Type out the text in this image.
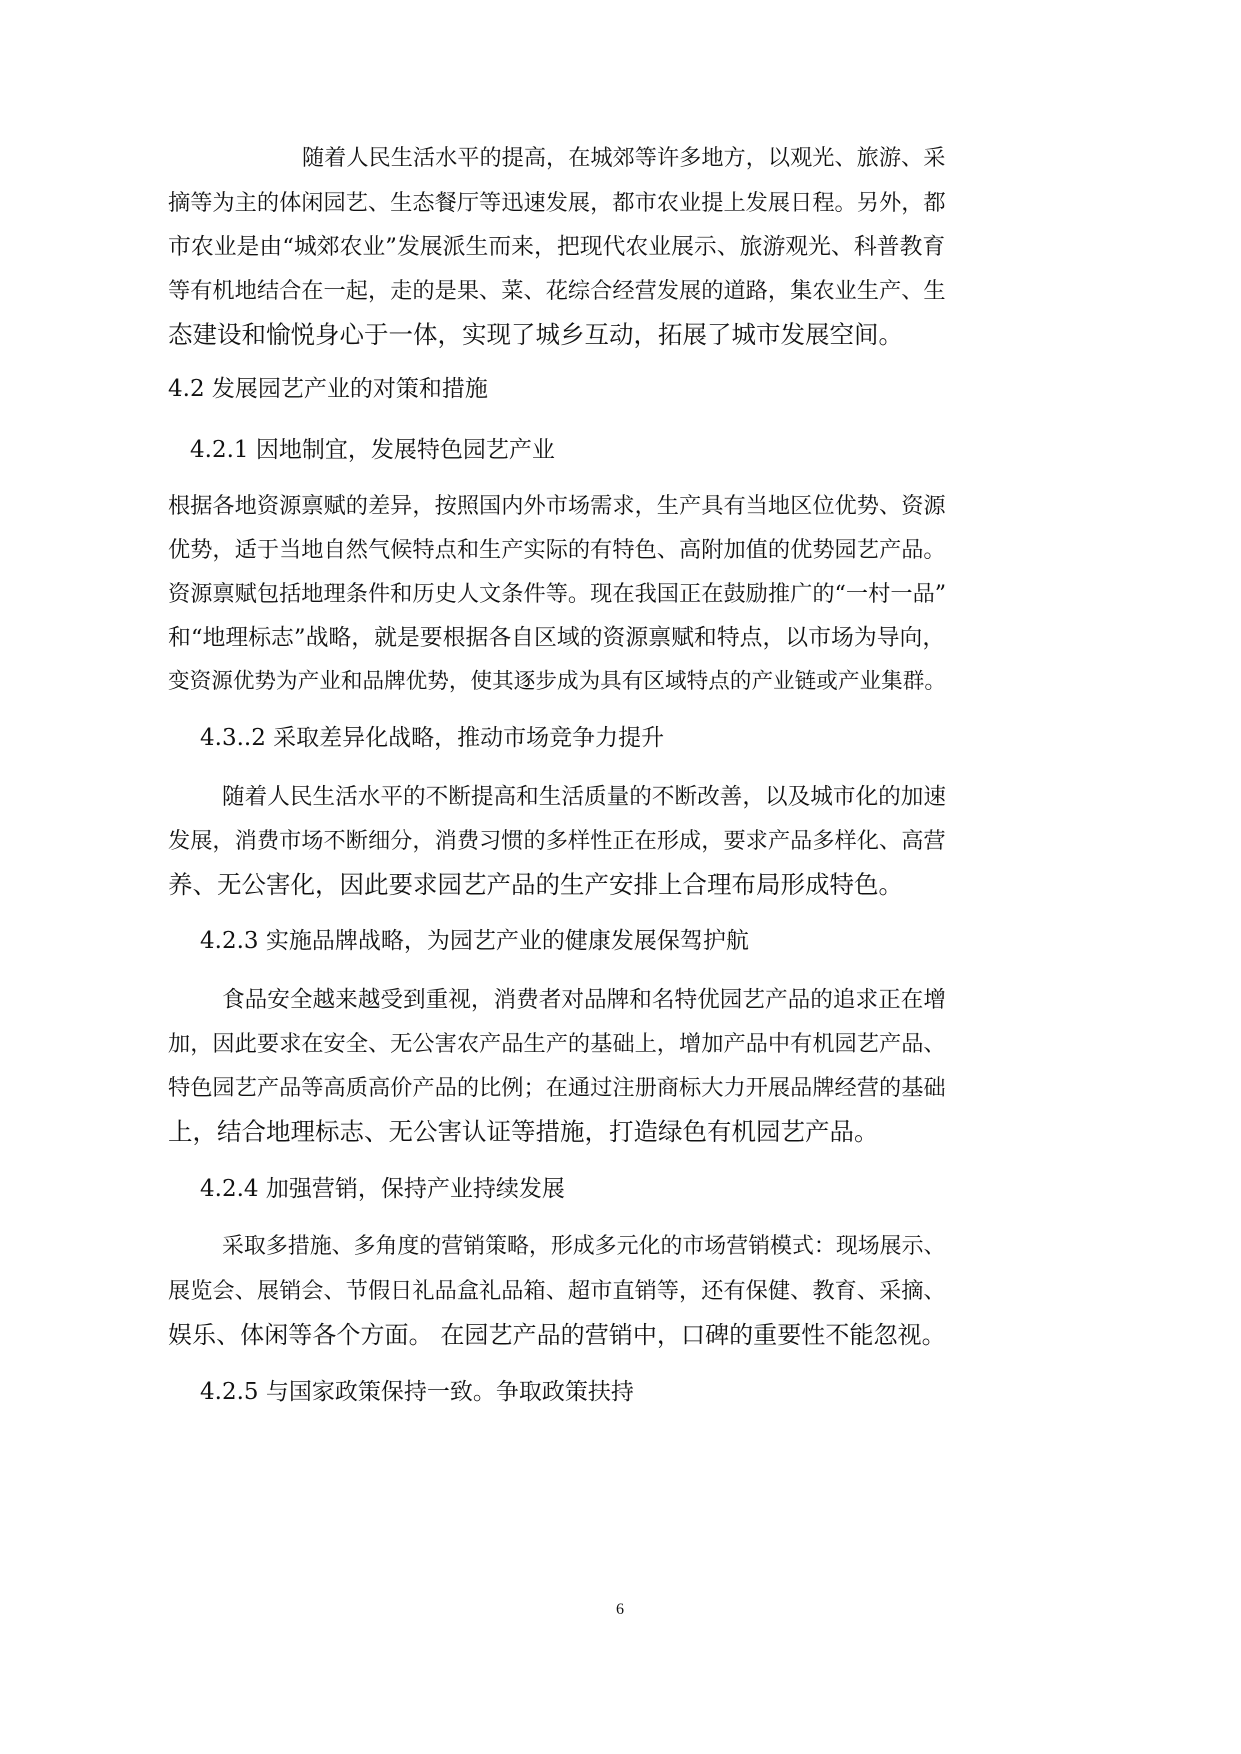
随着人民生活水平的提高，在城郊等许多地方，以观光、旅游、采
摘等为主的体闲园艺、生态餐厅等迅速发展，都市农业提上发展日程。另外，都
市农业是由“城郊农业”发展派生而来，把现代农业展示、旅游观光、科普教育
等有机地结合在一起，走的是果、菜、花综合经营发展的道路，集农业生产、生
态建设和愉悦身心于一体，实现了城乡互动，拓展了城市发展空间。
4.2 发展园艺产业的对策和措施
4.2.1 因地制宜，发展特色园艺产业
根据各地资源禀赋的差异，按照国内外市场需求，生产具有当地区位优势、资源
优势，适于当地自然气候特点和生产实际的有特色、高附加值的优势园艺产品。
资源禀赋包括地理条件和历史人文条件等。现在我国正在鼓励推广的“一村一品”
和“地理标志”战略，就是要根据各自区域的资源禀赋和特点，以市场为导向，
变资源优势为产业和品牌优势，使其逐步成为具有区域特点的产业链或产业集群。
4.3..2 采取差异化战略，推动市场竞争力提升
随着人民生活水平的不断提高和生活质量的不断改善，以及城市化的加速
发展，消费市场不断细分，消费习惯的多样性正在形成，要求产品多样化、高营
养、无公害化，因此要求园艺产品的生产安排上合理布局形成特色。
4.2.3 实施品牌战略，为园艺产业的健康发展保驾护航
食品安全越来越受到重视，消费者对品牌和名特优园艺产品的追求正在增
加，因此要求在安全、无公害农产品生产的基础上，增加产品中有机园艺产品、
特色园艺产品等高质高价产品的比例；在通过注册商标大力开展品牌经营的基础
上，结合地理标志、无公害认证等措施，打造绿色有机园艺产品。
4.2.4 加强营销，保持产业持续发展
采取多措施、多角度的营销策略，形成多元化的市场营销模式：现场展示、
展览会、展销会、节假日礼品盒礼品箱、超市直销等，还有保健、教育、采摘、
娱乐、体闲等各个方面。 在园艺产品的营销中，口碑的重要性不能忽视。
4.2.5 与国家政策保持一致。争取政策扶持
6
